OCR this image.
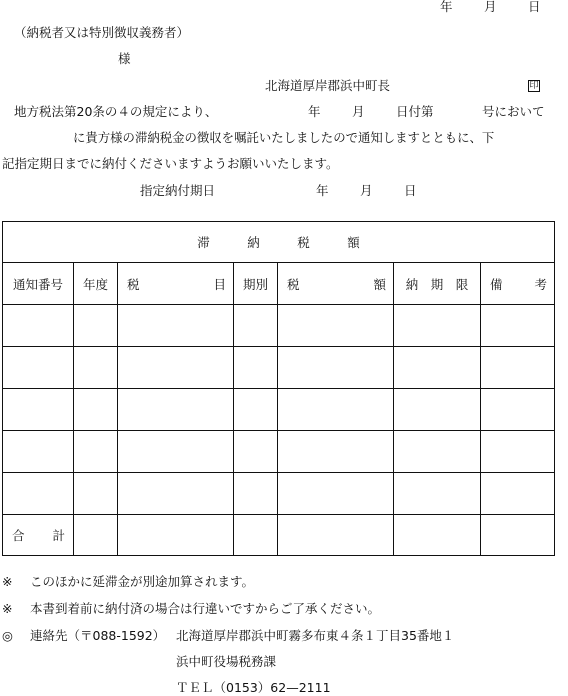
年	月	日
（納税者又は特別徴収義務者）
様
北海道厚岸郡浜中町長	印
地方税法第20条の４の規定により、	年	月	日付第	号において
に貴方様の滞納税金の徴収を嘱託いたしましたので通知しますとともに、下
記指定期日までに納付くださいますようお願いいたします。
指定納付期日	年	月	日
滞　　　納　　　税　　　額						
通知番号	年度	税 目	期別	税 額	納　期　限	備 考

合 計						

※ このほかに延滞金が別途加算されます。
※ 本書到着前に納付済の場合は行違いですからご了承ください。
◎ 連絡先（〒088-1592） 北海道厚岸郡浜中町霧多布東４条１丁目35番地１
浜中町役場税務課
ＴＥＬ（0153）62—2111
